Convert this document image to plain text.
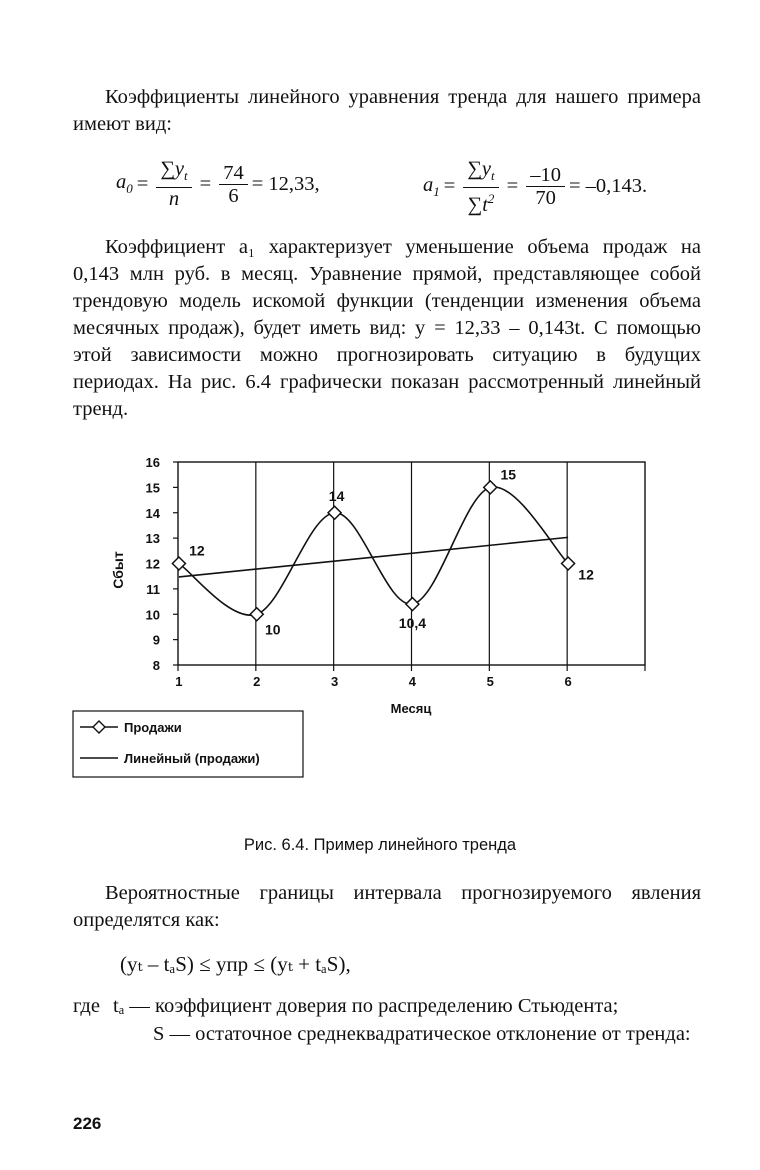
Коэффициенты линейного уравнения тренда для нашего примера имеют вид:

$a_0 = \frac{\sum y_t}{n} = \frac{74}{6} = 12,33$,	$a_1 = \frac{\sum y_t}{\sum t^2} = \frac{-10}{70} = -0,143$.

Коэффициент a₁ характеризует уменьшение объема продаж на 0,143 млн руб. в месяц. Уравнение прямой, представляющее собой трендовую модель искомой функции (тенденции изменения объема месячных продаж), будет иметь вид: y = 12,33 – 0,143t. С помощью этой зависимости можно прогнозировать ситуацию в будущих периодах. На рис. 6.4 графически показан рассмотренный линейный тренд.

8
9
10
11
12
13
14
15
16
1	2	3	4	5	6
Месяц
Сбыт
12
10
14
10,4
15
12
Продажи
Линейный (продажи)
Рис. 6.4. Пример линейного тренда

Вероятностные границы интервала прогнозируемого явления определятся как:

(yₜ – tₐS) ≤ yпр ≤ (yₜ + tₐS),
где tₐ — коэффициент доверия по распределению Стьюдента;
S — остаточное среднеквадратическое отклонение от тренда:
226
